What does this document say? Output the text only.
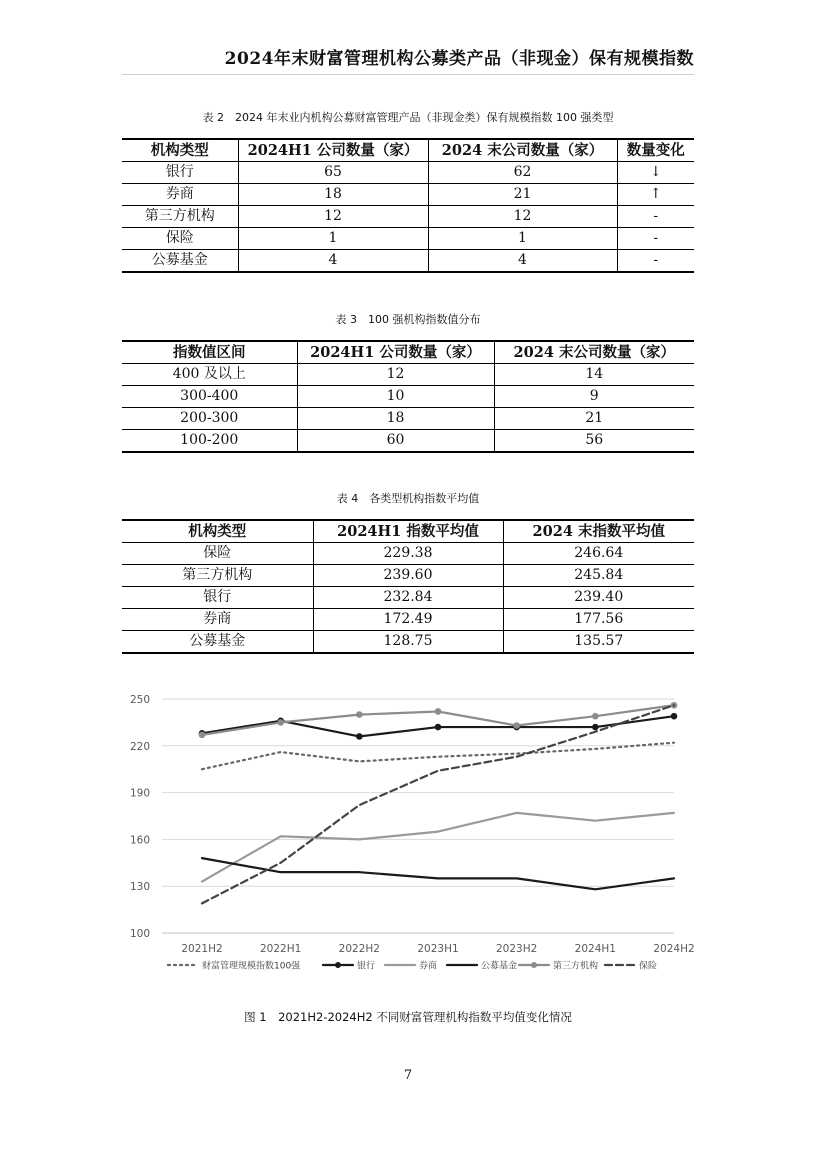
2024年末财富管理机构公募类产品（非现金）保有规模指数
表 2　2024 年末业内机构公募财富管理产品（非现金类）保有规模指数 100 强类型
机构类型	2024H1 公司数量（家）	2024 末公司数量（家）	数量变化
银行	65	62	↓
券商	18	21	↑
第三方机构	12	12	-
保险	1	1	-
公募基金	4	4	-
表 3　100 强机构指数值分布
指数值区间	2024H1 公司数量（家）	2024 末公司数量（家）
400 及以上	12	14
300-400	10	9
200-300	18	21
100-200	60	56
表 4　各类型机构指数平均值
机构类型	2024H1 指数平均值	2024 末指数平均值
保险	229.38	246.64
第三方机构	239.60	245.84
银行	232.84	239.40
券商	172.49	177.56
公募基金	128.75	135.57
100
130
160
190
220
250
2021H2	2022H1	2022H2	2023H1	2023H2	2024H1	2024H2
财富管理规模指数100强	银行	券商	公募基金	第三方机构	保险
图 1　2021H2-2024H2 不同财富管理机构指数平均值变化情况
7
